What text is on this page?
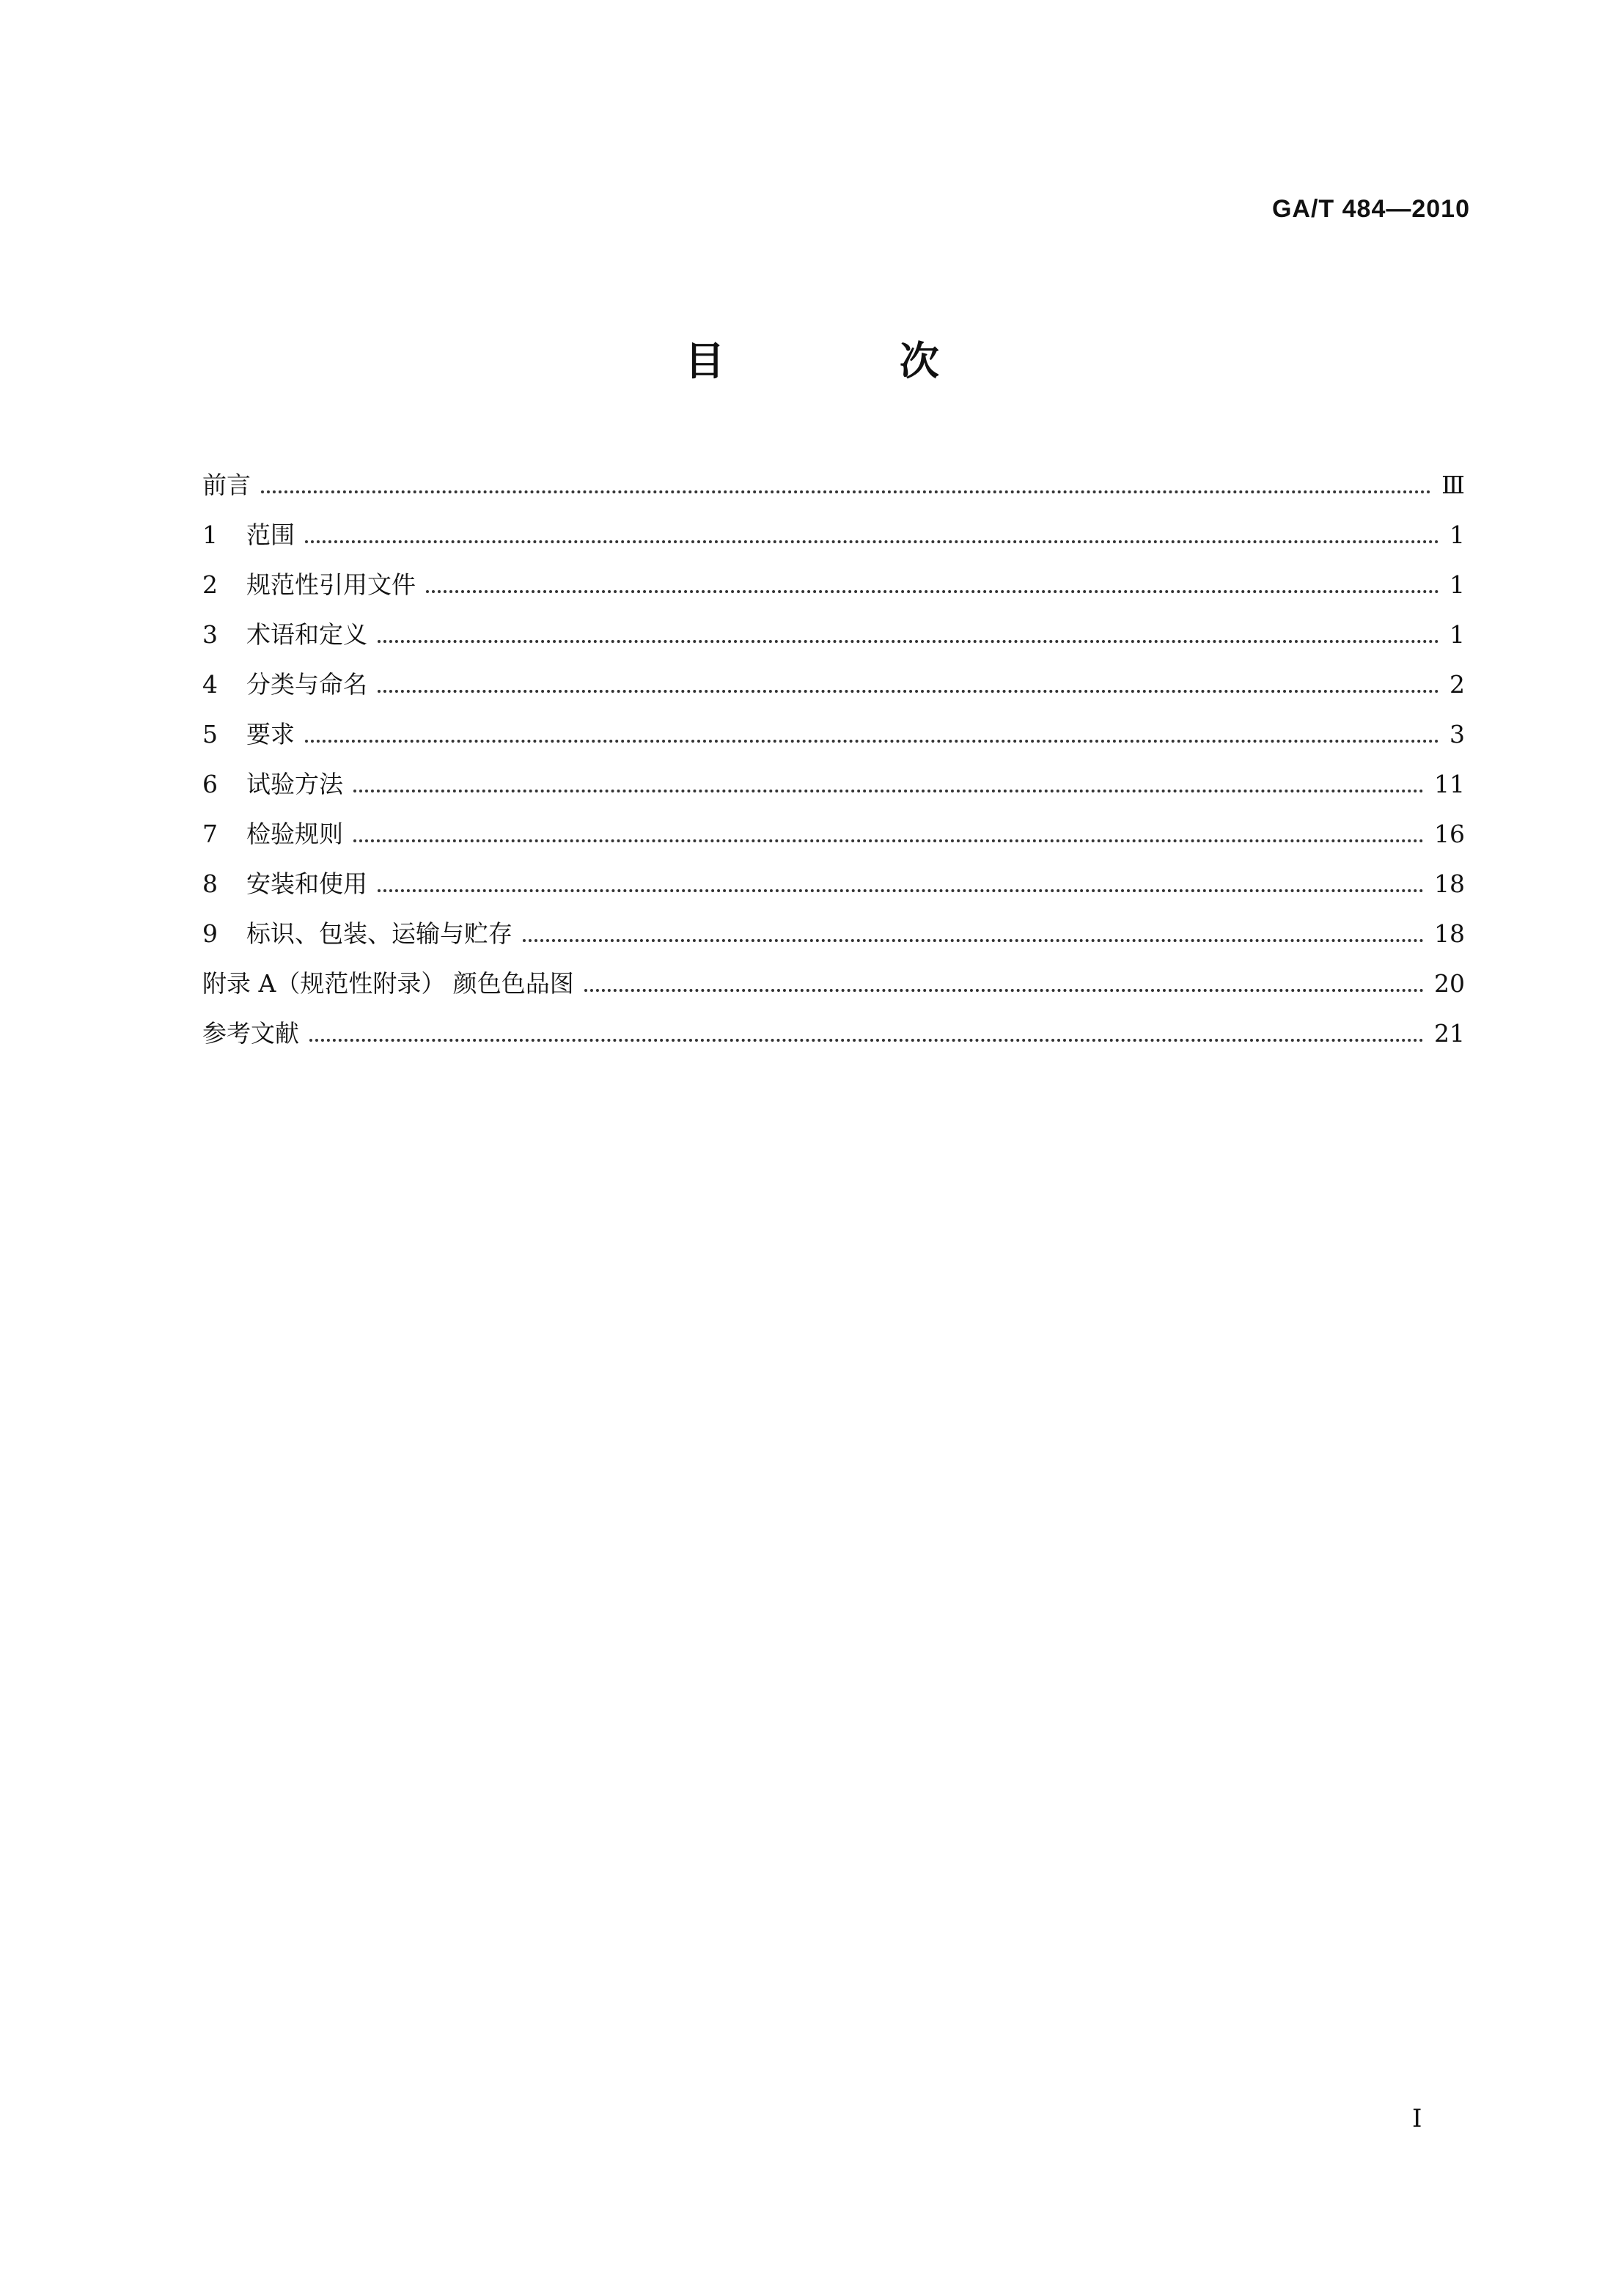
GA/T 484—2010
目 次
前言	Ⅲ
1	范围	1
2	规范性引用文件	1
3	术语和定义	1
4	分类与命名	2
5	要求	3
6	试验方法	11
7	检验规则	16
8	安装和使用	18
9	标识、包装、运输与贮存	18
附录 A（规范性附录） 颜色色品图	20
参考文献	21
I
